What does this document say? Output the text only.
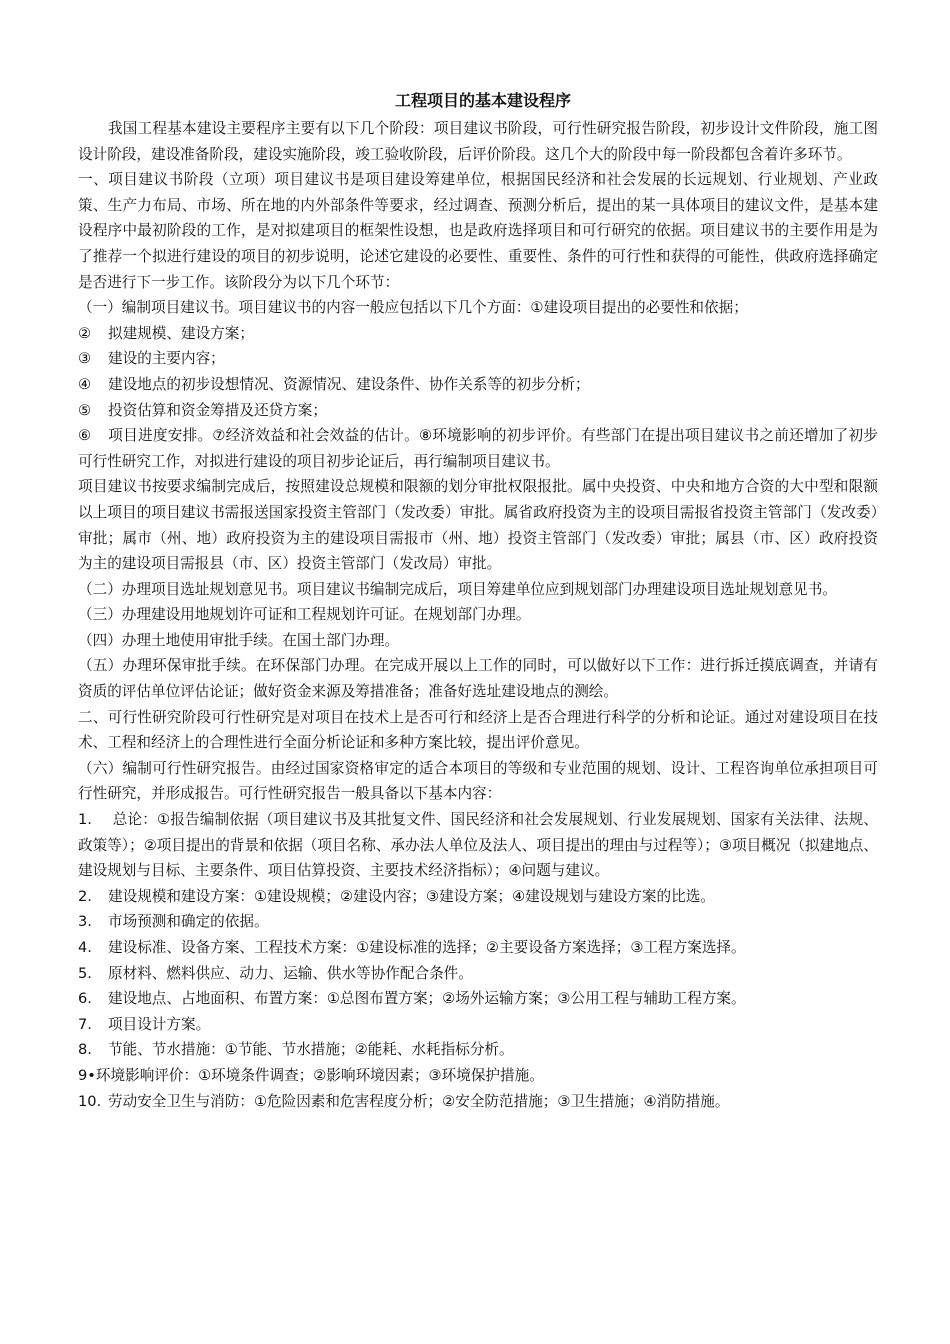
工程项目的基本建设程序

我国工程基本建设主要程序主要有以下几个阶段：项目建议书阶段，可行性研究报告阶段，初步设计文件阶段，施工图设计阶段，建设准备阶段，建设实施阶段，竣工验收阶段，后评价阶段。这几个大的阶段中每一阶段都包含着许多环节。

一、项目建议书阶段（立项）项目建议书是项目建设筹建单位，根据国民经济和社会发展的长远规划、行业规划、产业政策、生产力布局、市场、所在地的内外部条件等要求，经过调查、预测分析后，提出的某一具体项目的建议文件，是基本建设程序中最初阶段的工作，是对拟建项目的框架性设想，也是政府选择项目和可行研究的依据。项目建议书的主要作用是为了推荐一个拟进行建设的项目的初步说明，论述它建设的必要性、重要性、条件的可行性和获得的可能性，供政府选择确定是否进行下一步工作。该阶段分为以下几个环节：

（一）编制项目建议书。项目建议书的内容一般应包括以下几个方面：①建设项目提出的必要性和依据；

② 拟建规模、建设方案；
③ 建设的主要内容；
④ 建设地点的初步设想情况、资源情况、建设条件、协作关系等的初步分析；
⑤ 投资估算和资金筹措及还贷方案；

⑥ 项目进度安排。⑦经济效益和社会效益的估计。⑧环境影响的初步评价。有些部门在提出项目建议书之前还增加了初步可行性研究工作，对拟进行建设的项目初步论证后，再行编制项目建议书。

项目建议书按要求编制完成后，按照建设总规模和限额的划分审批权限报批。属中央投资、中央和地方合资的大中型和限额以上项目的项目建议书需报送国家投资主管部门（发改委）审批。属省政府投资为主的设项目需报省投资主管部门（发改委）审批；属市（州、地）政府投资为主的建设项目需报市（州、地）投资主管部门（发改委）审批；属县（市、区）政府投资为主的建设项目需报县（市、区）投资主管部门（发改局）审批。

（二）办理项目选址规划意见书。项目建议书编制完成后，项目筹建单位应到规划部门办理建设项目选址规划意见书。

（三）办理建设用地规划许可证和工程规划许可证。在规划部门办理。

（四）办理土地使用审批手续。在国土部门办理。

（五）办理环保审批手续。在环保部门办理。在完成开展以上工作的同时，可以做好以下工作：进行拆迁摸底调查，并请有资质的评估单位评估论证；做好资金来源及筹措准备；准备好选址建设地点的测绘。

二、可行性研究阶段可行性研究是对项目在技术上是否可行和经济上是否合理进行科学的分析和论证。通过对建设项目在技术、工程和经济上的合理性进行全面分析论证和多种方案比较，提出评价意见。

（六）编制可行性研究报告。由经过国家资格审定的适合本项目的等级和专业范围的规划、设计、工程咨询单位承担项目可行性研究，并形成报告。可行性研究报告一般具备以下基本内容：

1. 总论：①报告编制依据（项目建议书及其批复文件、国民经济和社会发展规划、行业发展规划、国家有关法律、法规、政策等）；②项目提出的背景和依据（项目名称、承办法人单位及法人、项目提出的理由与过程等）；③项目概况（拟建地点、建设规划与目标、主要条件、项目估算投资、主要技术经济指标）；④问题与建议。

2. 建设规模和建设方案：①建设规模；②建设内容；③建设方案；④建设规划与建设方案的比选。
3. 市场预测和确定的依据。
4. 建设标准、设备方案、工程技术方案：①建设标准的选择；②主要设备方案选择；③工程方案选择。
5. 原材料、燃料供应、动力、运输、供水等协作配合条件。
6. 建设地点、占地面积、布置方案：①总图布置方案；②场外运输方案；③公用工程与辅助工程方案。
7. 项目设计方案。
8. 节能、节水措施：①节能、节水措施；②能耗、水耗指标分析。
9•环境影响评价：①环境条件调查；②影响环境因素；③环境保护措施。
10. 劳动安全卫生与消防：①危险因素和危害程度分析；②安全防范措施；③卫生措施；④消防措施。
